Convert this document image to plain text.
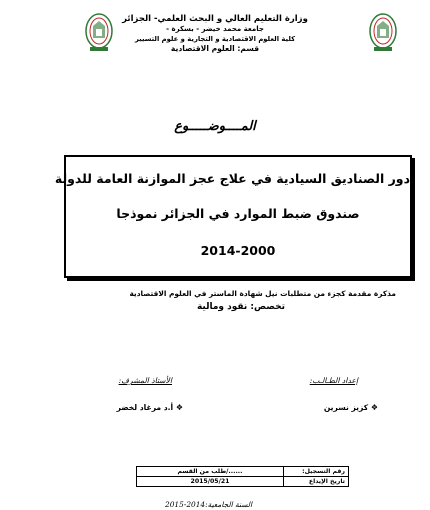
وزارة التعليم العالي و البحث العلمي- الجزائر
جامعة محمد خيضر - بسكرة -
كلية العلوم الاقتصادية و التجارية و علوم التسيير
قسم: العلوم الاقتصادية
المــــوضـــــوع
دور الصناديق السيادية في علاج عجز الموازنة العامة للدولة
صندوق ضبط الموارد في الجزائر نموذجا
2014-2000
مذكرة مقدمة كجزء من متطلبات نيل شهادة الماستر في العلوم الاقتصادية
تخصص: نقود ومالية
إعداد الطـالـب:
الأستاذ المشرف:
❖ كزيز نسرين
❖ أ.د مرغاد لخضر
....../طلب من القسم	رقم التسجيل:
2015/05/21	تاريخ الإيداع
السنة الجامعية:2014-2015
